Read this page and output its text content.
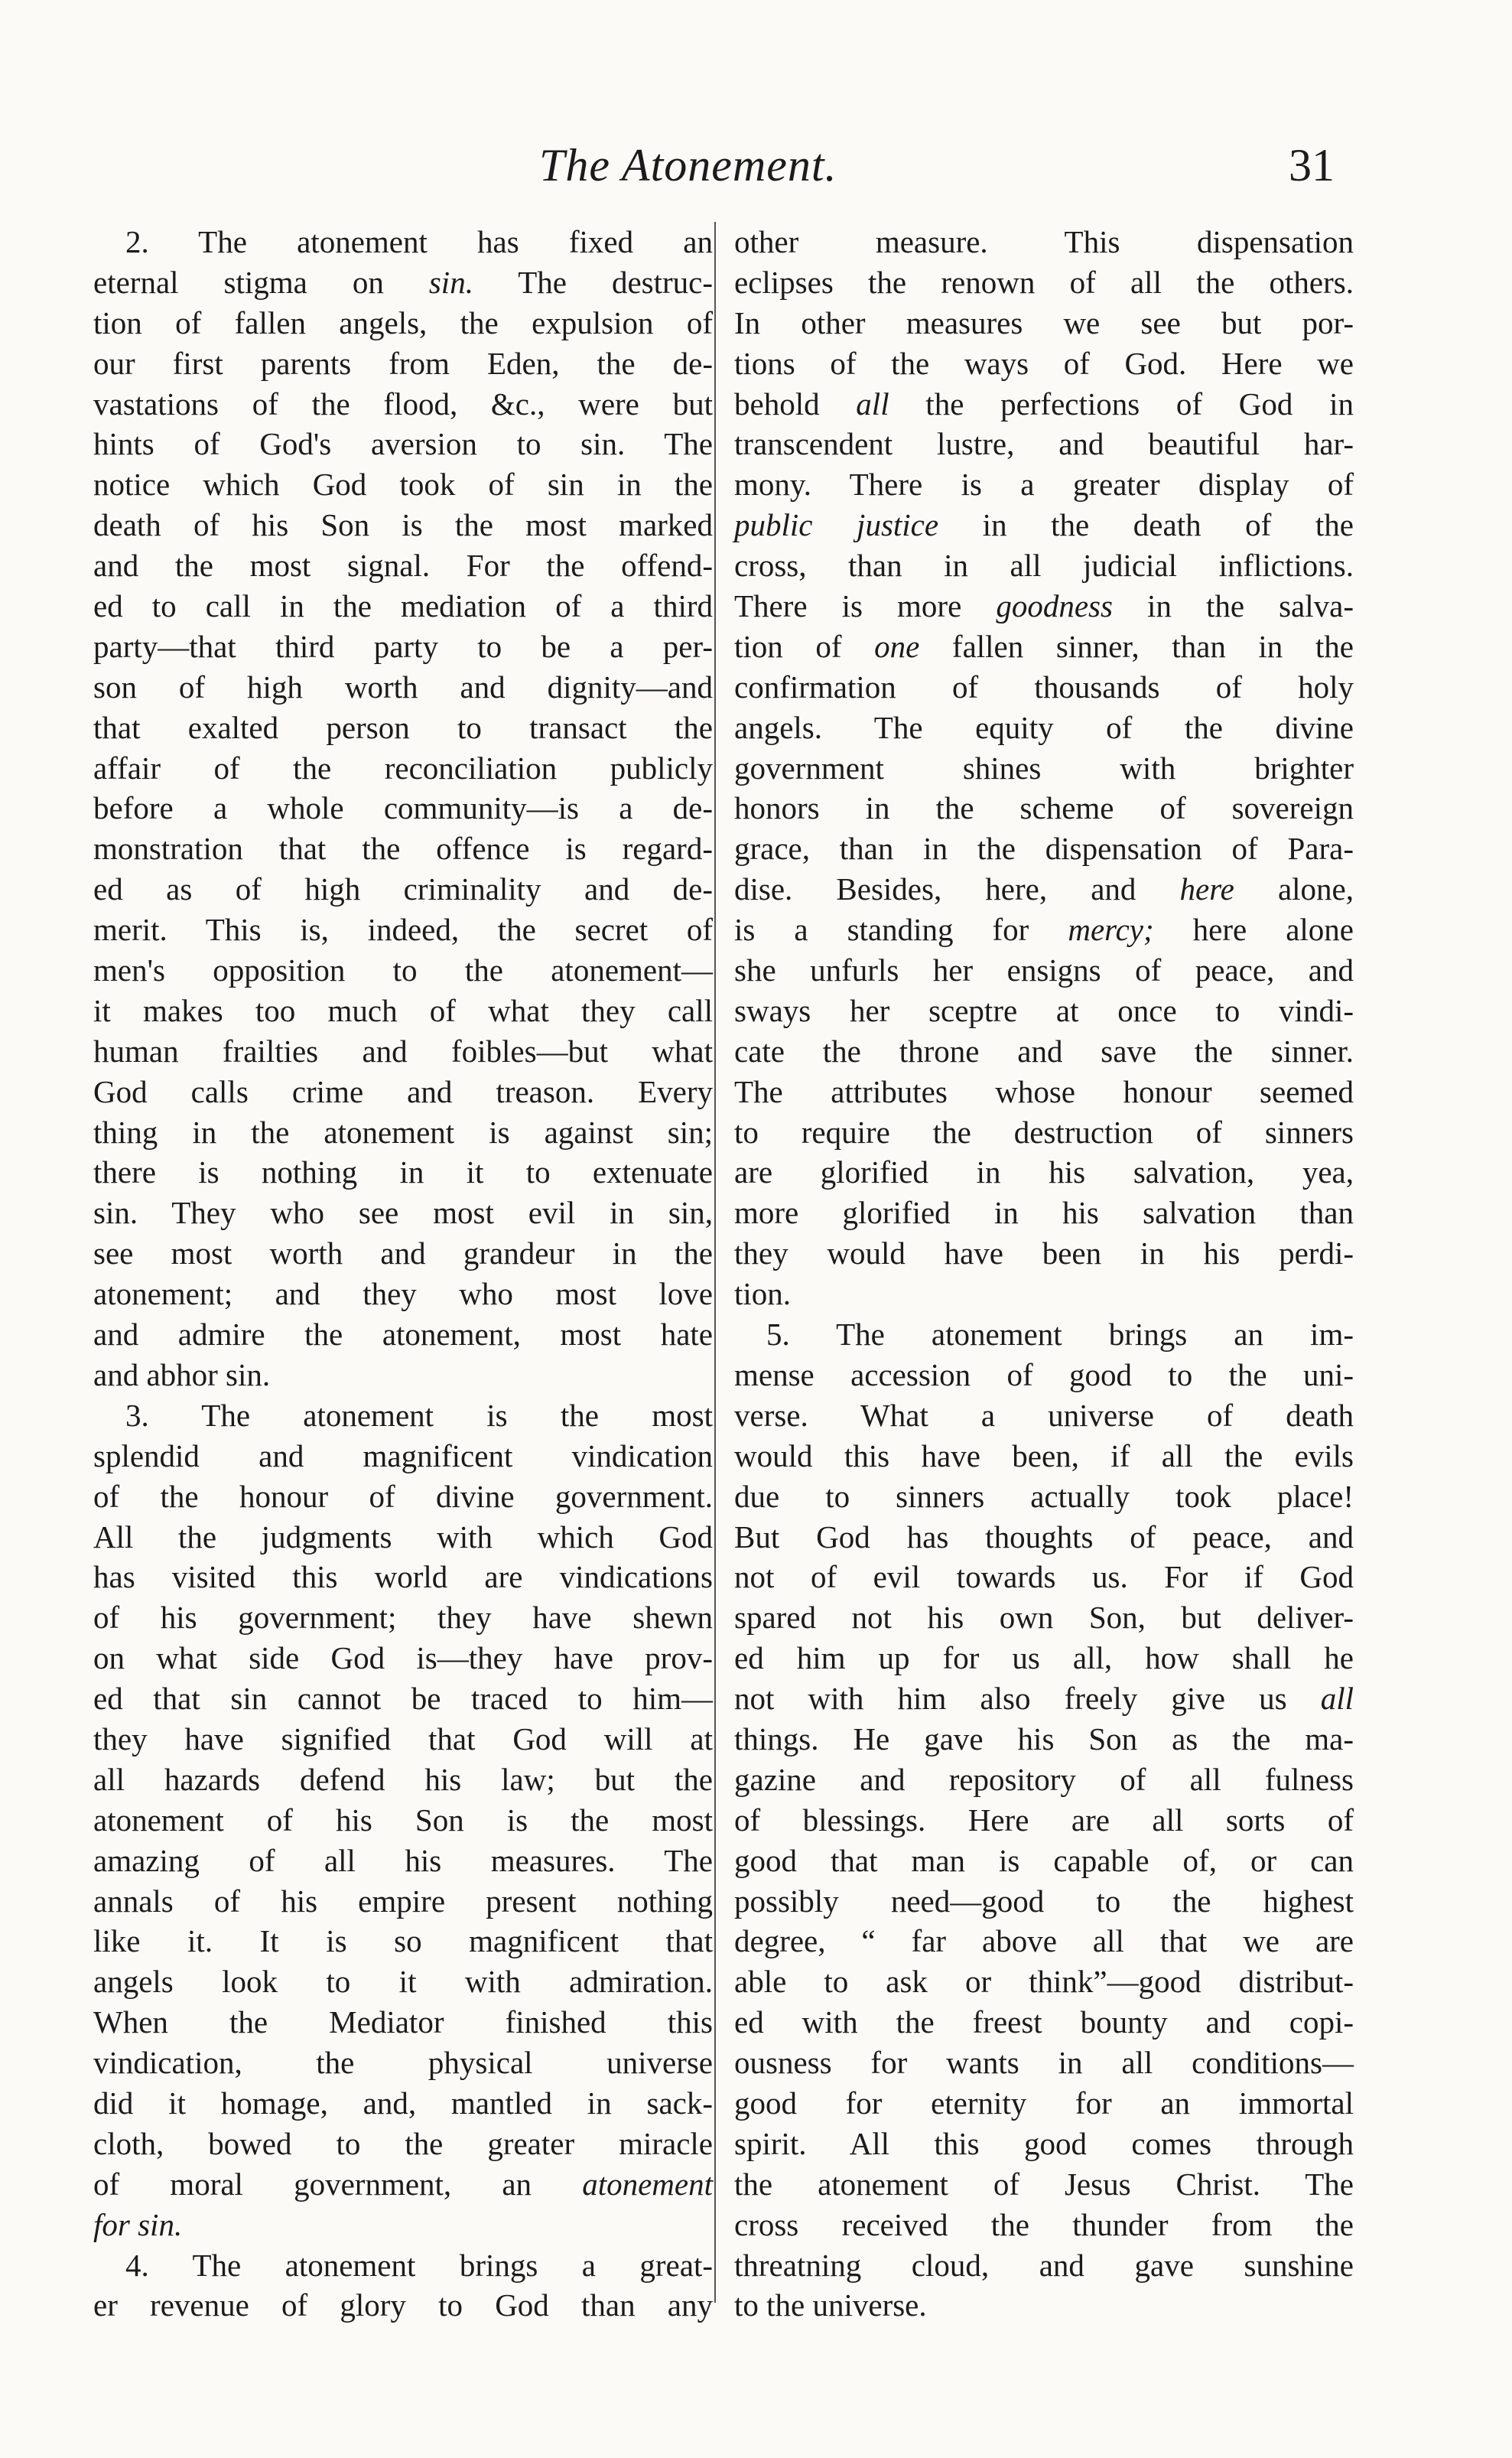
The Atonement.	31
2. The atonement has fixed an
eternal stigma on sin. The destruc-
tion of fallen angels, the expulsion of
our first parents from Eden, the de-
vastations of the flood, &c., were but
hints of God's aversion to sin. The
notice which God took of sin in the
death of his Son is the most marked
and the most signal. For the offend-
ed to call in the mediation of a third
party—that third party to be a per-
son of high worth and dignity—and
that exalted person to transact the
affair of the reconciliation publicly
before a whole community—is a de-
monstration that the offence is regard-
ed as of high criminality and de-
merit. This is, indeed, the secret of
men's opposition to the atonement—
it makes too much of what they call
human frailties and foibles—but what
God calls crime and treason. Every
thing in the atonement is against sin;
there is nothing in it to extenuate
sin. They who see most evil in sin,
see most worth and grandeur in the
atonement; and they who most love
and admire the atonement, most hate
and abhor sin.
3. The atonement is the most
splendid and magnificent vindication
of the honour of divine government.
All the judgments with which God
has visited this world are vindications
of his government; they have shewn
on what side God is—they have prov-
ed that sin cannot be traced to him—
they have signified that God will at
all hazards defend his law; but the
atonement of his Son is the most
amazing of all his measures. The
annals of his empire present nothing
like it. It is so magnificent that
angels look to it with admiration.
When the Mediator finished this
vindication, the physical universe
did it homage, and, mantled in sack-
cloth, bowed to the greater miracle
of moral government, an atonement
for sin.
4. The atonement brings a great-
er revenue of glory to God than any
other measure. This dispensation
eclipses the renown of all the others.
In other measures we see but por-
tions of the ways of God. Here we
behold all the perfections of God in
transcendent lustre, and beautiful har-
mony. There is a greater display of
public justice in the death of the
cross, than in all judicial inflictions.
There is more goodness in the salva-
tion of one fallen sinner, than in the
confirmation of thousands of holy
angels. The equity of the divine
government shines with brighter
honors in the scheme of sovereign
grace, than in the dispensation of Para-
dise. Besides, here, and here alone,
is a standing for mercy; here alone
she unfurls her ensigns of peace, and
sways her sceptre at once to vindi-
cate the throne and save the sinner.
The attributes whose honour seemed
to require the destruction of sinners
are glorified in his salvation, yea,
more glorified in his salvation than
they would have been in his perdi-
tion.
5. The atonement brings an im-
mense accession of good to the uni-
verse. What a universe of death
would this have been, if all the evils
due to sinners actually took place!
But God has thoughts of peace, and
not of evil towards us. For if God
spared not his own Son, but deliver-
ed him up for us all, how shall he
not with him also freely give us all
things. He gave his Son as the ma-
gazine and repository of all fulness
of blessings. Here are all sorts of
good that man is capable of, or can
possibly need—good to the highest
degree, “ far above all that we are
able to ask or think”—good distribut-
ed with the freest bounty and copi-
ousness for wants in all conditions—
good for eternity for an immortal
spirit. All this good comes through
the atonement of Jesus Christ. The
cross received the thunder from the
threatning cloud, and gave sunshine
to the universe.
